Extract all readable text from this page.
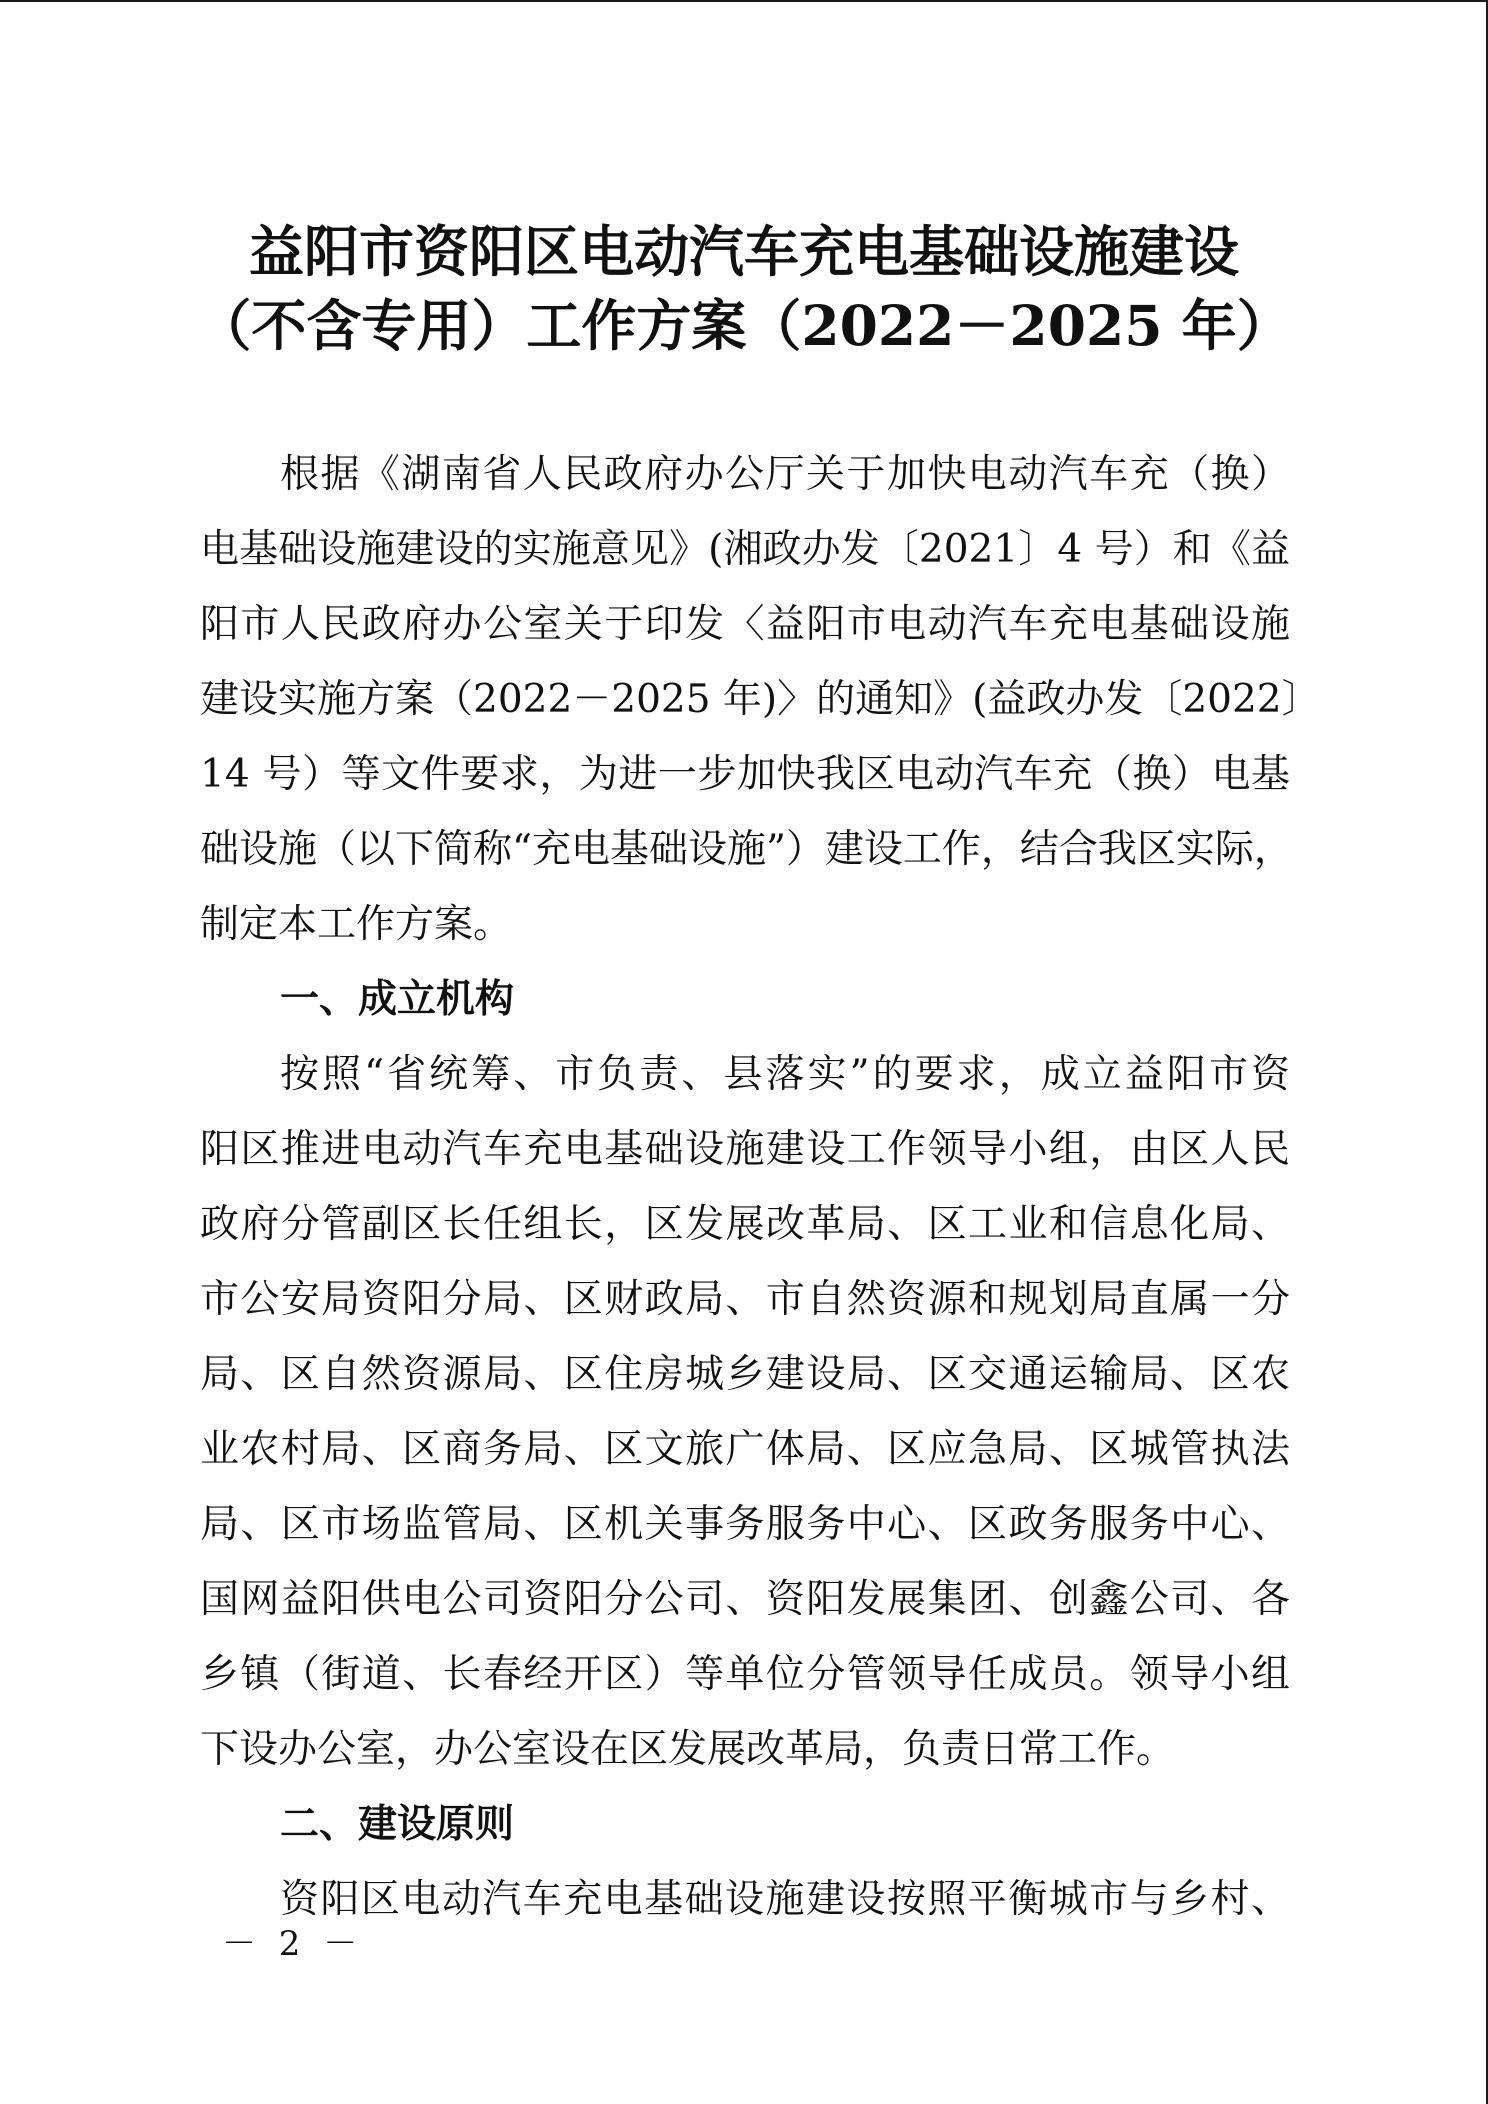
益阳市资阳区电动汽车充电基础设施建设
（不含专用）工作方案（2022－2025 年）
根据《湖南省人民政府办公厅关于加快电动汽车充（换）
电基础设施建设的实施意见》(湘政办发〔2021〕4 号）和《益
阳市人民政府办公室关于印发〈益阳市电动汽车充电基础设施
建设实施方案（2022－2025 年)〉的通知》(益政办发〔2022〕
14 号）等文件要求，为进一步加快我区电动汽车充（换）电基
础设施（以下简称“充电基础设施”）建设工作，结合我区实际，
制定本工作方案。
一、成立机构
按照“省统筹、市负责、县落实”的要求，成立益阳市资
阳区推进电动汽车充电基础设施建设工作领导小组，由区人民
政府分管副区长任组长，区发展改革局、区工业和信息化局、
市公安局资阳分局、区财政局、市自然资源和规划局直属一分
局、区自然资源局、区住房城乡建设局、区交通运输局、区农
业农村局、区商务局、区文旅广体局、区应急局、区城管执法
局、区市场监管局、区机关事务服务中心、区政务服务中心、
国网益阳供电公司资阳分公司、资阳发展集团、创鑫公司、各
乡镇（街道、长春经开区）等单位分管领导任成员。领导小组
下设办公室，办公室设在区发展改革局，负责日常工作。
二、建设原则
资阳区电动汽车充电基础设施建设按照平衡城市与乡村、
－ 2 －
